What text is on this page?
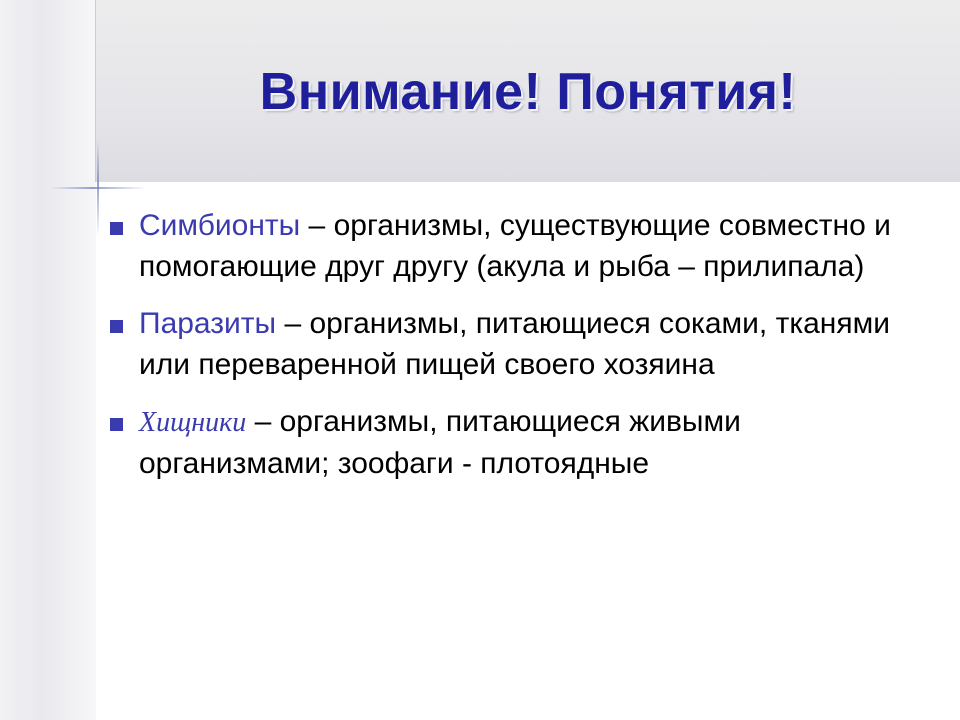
Внимание! Понятия!
Симбионты – организмы, существующие совместно и помогающие друг другу (акула и рыба – прилипала)
Паразиты – организмы, питающиеся соками, тканями или переваренной пищей своего хозяина
Хищники – организмы, питающиеся живыми организмами; зоофаги - плотоядные
